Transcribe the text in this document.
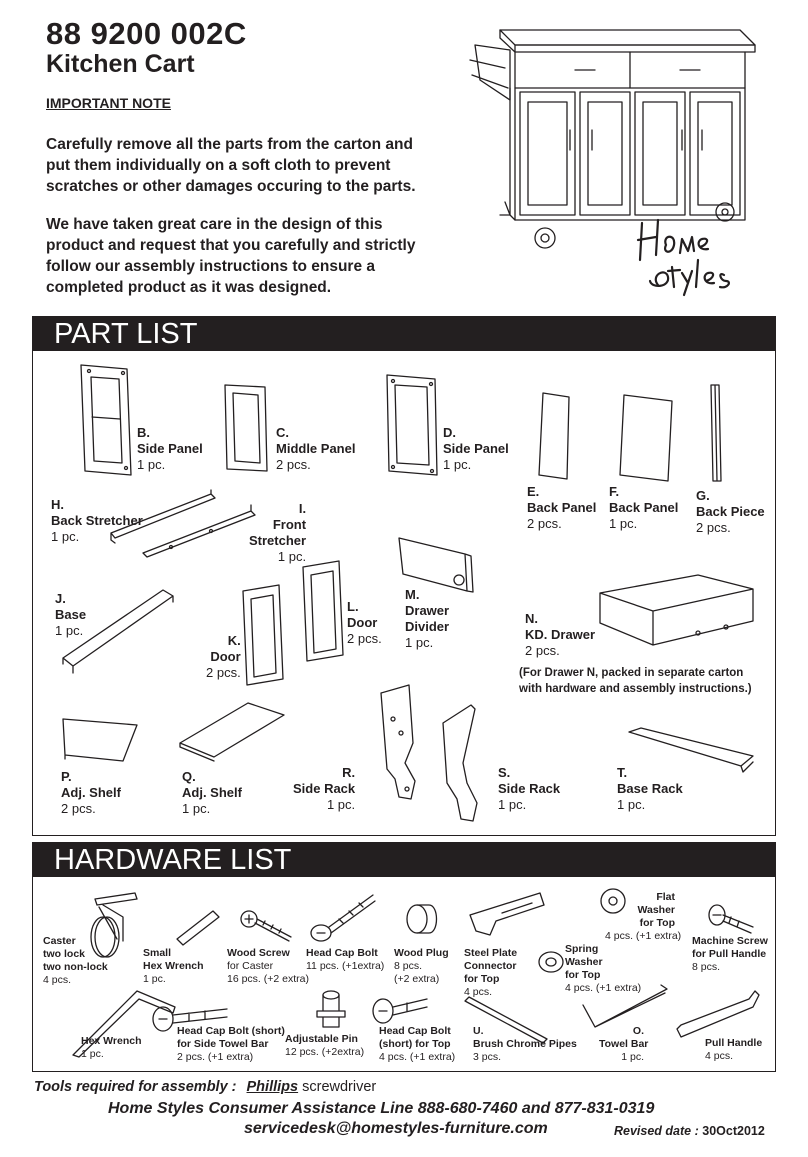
88 9200 002C
Kitchen Cart
IMPORTANT NOTE
Carefully remove all the parts from the carton and put them individually on a soft cloth to prevent scratches or other damages occuring to the parts.
We have taken great care in the design of this product and request that you carefully and strictly follow our assembly instructions to ensure a completed product as it was designed.
PART LIST
B.
Side Panel
1 pc.
C.
Middle Panel
2 pcs.
D.
Side Panel
1 pc.
E.
Back Panel
2 pcs.
F.
Back Panel
1 pc.
G.
Back Piece
2 pcs.
H.
Back Stretcher
1 pc.
I.
Front
Stretcher
1 pc.
J.
Base
1 pc.
K.
Door
2 pcs.
L.
Door
2 pcs.
M.
Drawer
Divider
1 pc.
N.
KD. Drawer
2 pcs.
(For Drawer N, packed in separate carton
with hardware and assembly instructions.)
P.
Adj. Shelf
2 pcs.
Q.
Adj. Shelf
1 pc.
R.
Side Rack
1 pc.
S.
Side Rack
1 pc.
T.
Base Rack
1 pc.
HARDWARE LIST
Caster
two lock
two non-lock
4 pcs.
Small
Hex Wrench
1 pc.
Wood Screw
for Caster
16 pcs. (+2 extra)
Head Cap Bolt
11 pcs. (+1extra)
Wood Plug
8 pcs.
(+2 extra)
Steel Plate
Connector
for Top
4 pcs.
Spring
Washer
for Top
4 pcs. (+1 extra)
Flat
Washer
for Top
4 pcs. (+1 extra) Machine Screw
for Pull Handle
8 pcs.
Hex Wrench
1 pc.
Head Cap Bolt (short)
for Side Towel Bar
2 pcs. (+1 extra)
Adjustable Pin
12 pcs. (+2extra)
Head Cap Bolt
(short) for Top
4 pcs. (+1 extra)
U.
Brush Chrome Pipes
3 pcs.
O.
Towel Bar
1 pc.
Pull Handle
4 pcs.
Tools required for assembly : Phillips screwdriver
Home Styles Consumer Assistance Line 888-680-7460 and 877-831-0319
servicedesk@homestyles-furniture.com	Revised date : 30Oct2012
